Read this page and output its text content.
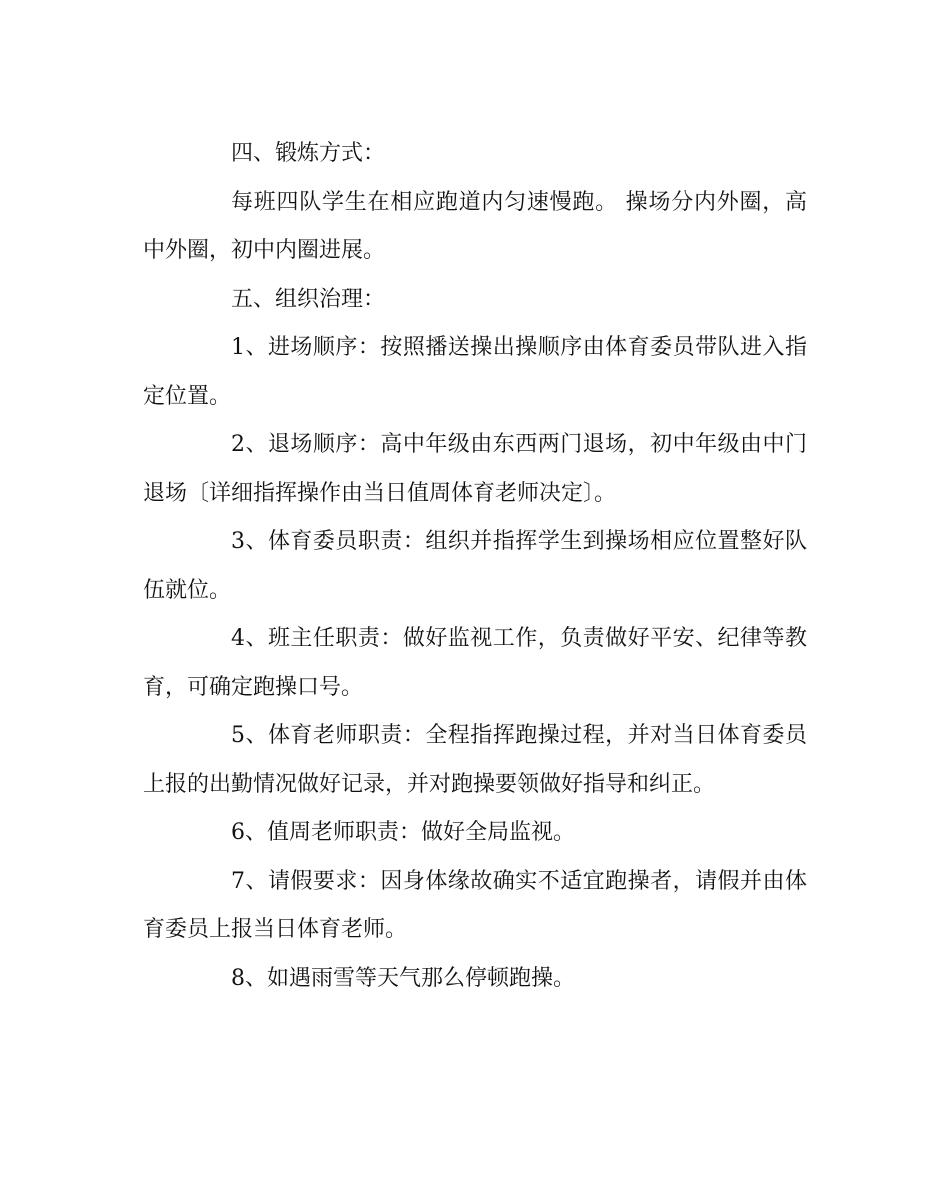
四、锻炼方式：

每班四队学生在相应跑道内匀速慢跑。 操场分内外圈，高中外圈，初中内圈进展。

五、组织治理：

1、进场顺序：按照播送操出操顺序由体育委员带队进入指定位置。

2、退场顺序：高中年级由东西两门退场，初中年级由中门退场〔详细指挥操作由当日值周体育老师决定〕。

3、体育委员职责：组织并指挥学生到操场相应位置整好队伍就位。

4、班主任职责：做好监视工作，负责做好平安、纪律等教育，可确定跑操口号。

5、体育老师职责：全程指挥跑操过程，并对当日体育委员上报的出勤情况做好记录，并对跑操要领做好指导和纠正。

6、值周老师职责：做好全局监视。

7、请假要求：因身体缘故确实不适宜跑操者，请假并由体育委员上报当日体育老师。

8、如遇雨雪等天气那么停顿跑操。
